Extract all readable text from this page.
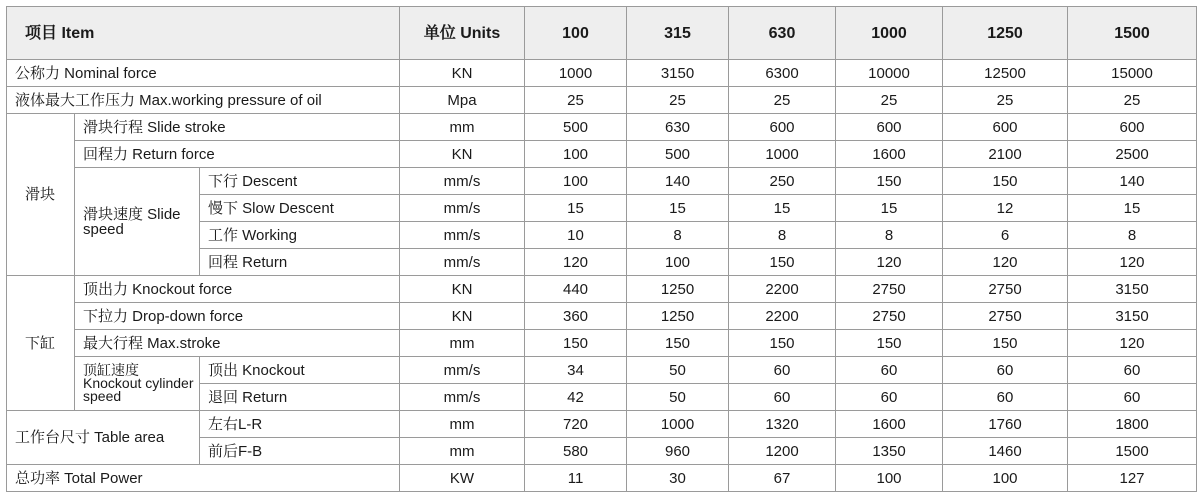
项目 Item			单位 Units	100	315	630	1000	1250	1500
公称力 Nominal force			KN	1000	3150	6300	10000	12500	15000
液体最大工作压力 Max.working pressure of oil			Mpa	25	25	25	25	25	25
滑块	滑块行程 Slide stroke		mm	500	630	600	600	600	600
	回程力 Return force		KN	100	500	1000	1600	2100	2500
	滑块速度 Slide speed	下行 Descent	mm/s	100	140	250	150	150	140
		慢下 Slow Descent	mm/s	15	15	15	15	12	15
		工作 Working	mm/s	10	8	8	8	6	8
		回程 Return	mm/s	120	100	150	120	120	120
下缸	顶出力 Knockout force		KN	440	1250	2200	2750	2750	3150
	下拉力 Drop-down force		KN	360	1250	2200	2750	2750	3150
	最大行程 Max.stroke		mm	150	150	150	150	150	120
	顶缸速度 Knockout cylinder speed	顶出 Knockout	mm/s	34	50	60	60	60	60
		退回 Return	mm/s	42	50	60	60	60	60
工作台尺寸 Table area		左右L-R	mm	720	1000	1320	1600	1760	1800
		前后F-B	mm	580	960	1200	1350	1460	1500
总功率 Total Power			KW	11	30	67	100	100	127
